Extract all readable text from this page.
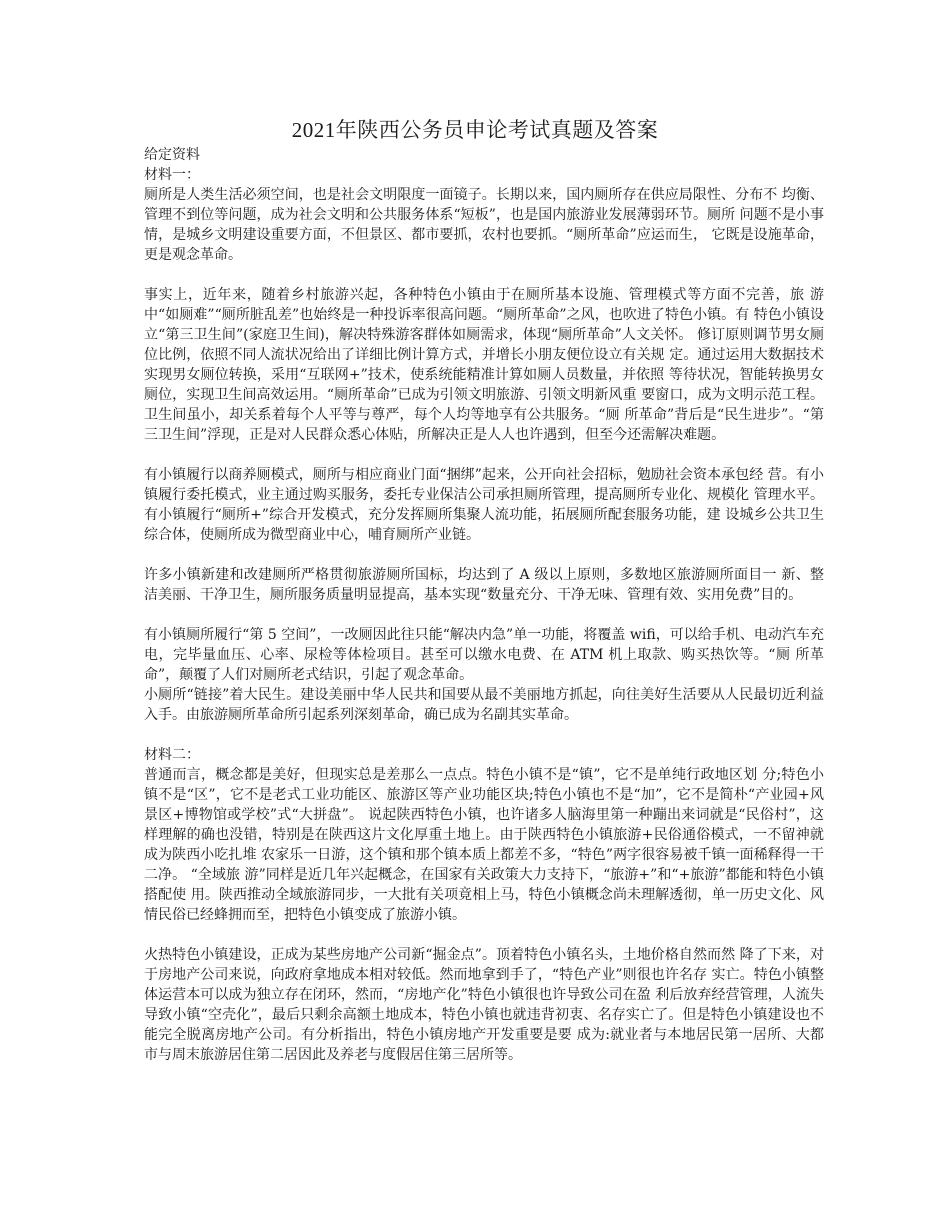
2021年陕西公务员申论考试真题及答案

给定资料

材料一：

厕所是人类生活必须空间，也是社会文明限度一面镜子。长期以来，国内厕所存在供应局限性、分布不 均衡、管理不到位等问题，成为社会文明和公共服务体系“短板”，也是国内旅游业发展薄弱环节。厕所 问题不是小事情，是城乡文明建设重要方面，不但景区、都市要抓，农村也要抓。“厕所革命”应运而生， 它既是设施革命，更是观念革命。

事实上，近年来，随着乡村旅游兴起，各种特色小镇由于在厕所基本设施、管理模式等方面不完善，旅 游中“如厕难”“厕所脏乱差”也始终是一种投诉率很高问题。“厕所革命”之风，也吹进了特色小镇。有 特色小镇设立“第三卫生间”(家庭卫生间)，解决特殊游客群体如厕需求，体现“厕所革命”人文关怀。 修订原则调节男女厕位比例，依照不同人流状况给出了详细比例计算方式，并增长小朋友便位设立有关规 定。通过运用大数据技术实现男女厕位转换，采用“互联网+”技术，使系统能精准计算如厕人员数量，并依照 等待状况，智能转换男女厕位，实现卫生间高效运用。“厕所革命”已成为引领文明旅游、引领文明新风重 要窗口，成为文明示范工程。卫生间虽小，却关系着每个人平等与尊严，每个人均等地享有公共服务。“厕 所革命”背后是“民生进步”。“第三卫生间”浮现，正是对人民群众悉心体贴，所解决正是人人也许遇到，但至今还需解决难题。

有小镇履行以商养厕模式，厕所与相应商业门面“捆绑”起来，公开向社会招标，勉励社会资本承包经 营。有小镇履行委托模式，业主通过购买服务，委托专业保洁公司承担厕所管理，提高厕所专业化、规模化 管理水平。有小镇履行“厕所+”综合开发模式，充分发挥厕所集聚人流功能，拓展厕所配套服务功能，建 设城乡公共卫生综合体，使厕所成为微型商业中心，哺育厕所产业链。

许多小镇新建和改建厕所严格贯彻旅游厕所国标，均达到了 A 级以上原则，多数地区旅游厕所面目一 新、整洁美丽、干净卫生，厕所服务质量明显提高，基本实现“数量充分、干净无味、管理有效、实用免费”目的。

有小镇厕所履行“第 5 空间”，一改厕因此往只能“解决内急”单一功能，将覆盖 wifi，可以给手机、电动汽车充电，完毕量血压、心率、尿检等体检项目。甚至可以缴水电费、在 ATM 机上取款、购买热饮等。“厕 所革命”，颠覆了人们对厕所老式结识，引起了观念革命。

小厕所“链接”着大民生。建设美丽中华人民共和国要从最不美丽地方抓起，向往美好生活要从人民最切近利益 入手。由旅游厕所革命所引起系列深刻革命，确已成为名副其实革命。

材料二：

普通而言，概念都是美好，但现实总是差那么一点点。特色小镇不是“镇”，它不是单纯行政地区划 分;特色小镇不是“区”，它不是老式工业功能区、旅游区等产业功能区块;特色小镇也不是“加”，它不是简朴“产业园+风景区+博物馆或学校”式“大拼盘”。 说起陕西特色小镇，也许诸多人脑海里第一种蹦出来词就是“民俗村”，这样理解的确也没错，特别是在陕西这片文化厚重土地上。由于陕西特色小镇旅游+民俗通俗模式，一不留神就成为陕西小吃扎堆 农家乐一日游，这个镇和那个镇本质上都差不多，“特色”两字很容易被千镇一面稀释得一干二净。 “全域旅 游”同样是近几年兴起概念，在国家有关政策大力支持下，“旅游+”和“+旅游”都能和特色小镇搭配使 用。陕西推动全域旅游同步，一大批有关项竟相上马，特色小镇概念尚未理解透彻，单一历史文化、风 情民俗已经蜂拥而至，把特色小镇变成了旅游小镇。

火热特色小镇建设，正成为某些房地产公司新“掘金点”。顶着特色小镇名头，土地价格自然而然 降了下来，对于房地产公司来说，向政府拿地成本相对较低。然而地拿到手了，“特色产业”则很也许名存 实亡。特色小镇整体运营本可以成为独立存在闭环，然而，“房地产化”特色小镇很也许导致公司在盈 利后放弃经营管理，人流失导致小镇“空壳化”，最后只剩余高额土地成本，特色小镇也就违背初衷、名存实亡了。但是特色小镇建设也不能完全脱离房地产公司。有分析指出，特色小镇房地产开发重要是要 成为:就业者与本地居民第一居所、大都市与周末旅游居住第二居因此及养老与度假居住第三居所等。
